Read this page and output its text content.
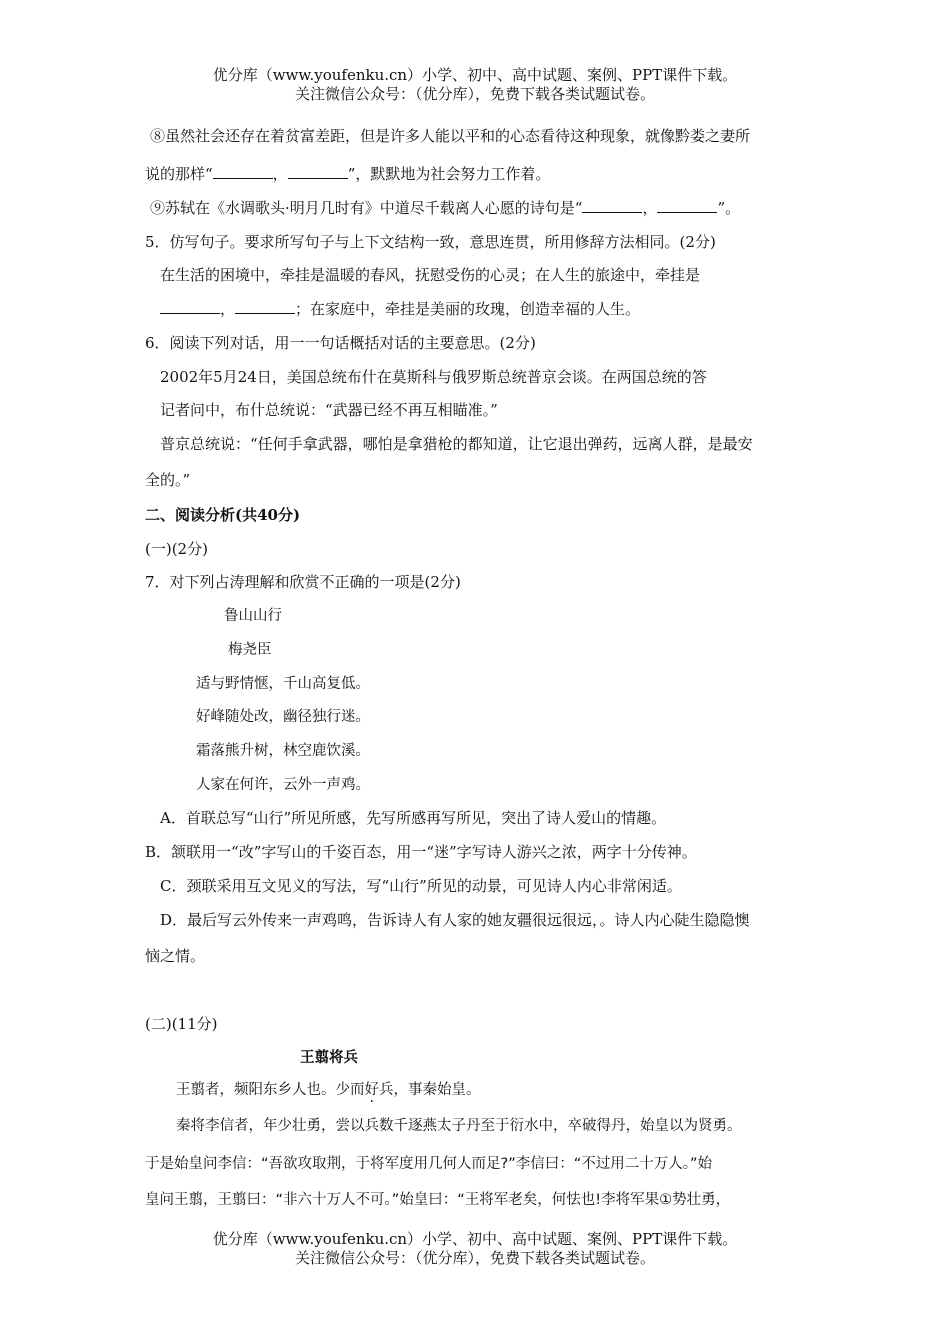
优分库（www.youfenku.cn）小学、初中、高中试题、案例、PPT课件下载。
关注微信公众号：（优分库），免费下载各类试题试卷。
⑧虽然社会还存在着贫富差距，但是许多人能以平和的心态看待这种现象，就像黔娄之妻所
说的那样“	，	”，默默地为社会努力工作着。
⑨苏轼在《水调歌头·明月几时有》中道尽千载离人心愿的诗句是“	，	”。
5．仿写句子。要求所写句子与上下文结构一致，意思连贯，所用修辞方法相同。(2分)
在生活的困境中，牵挂是温暖的春风，抚慰受伤的心灵；在人生的旅途中，牵挂是
，	；在家庭中，牵挂是美丽的玫瑰，创造幸福的人生。
6．阅读下列对话，用一一句话概括对话的主要意思。(2分)
2002年5月24日，美国总统布什在莫斯科与俄罗斯总统普京会谈。在两国总统的答
记者问中，布什总统说：“武器已经不再互相瞄准。”
普京总统说：“任何手拿武器，哪怕是拿猎枪的都知道，让它退出弹药，远离人群，是最安
全的。”
二、阅读分析(共40分)
(一)(2分)
7．对下列占涛理解和欣赏不正确的一项是(2分)
鲁山山行
梅尧臣
适与野情惬，千山高复低。
好峰随处改，幽径独行迷。
霜落熊升树，林空鹿饮溪。
人家在何许，云外一声鸡。
A．首联总写“山行”所见所感，先写所感再写所见，突出了诗人爱山的情趣。
B．颔联用一“改”字写山的千姿百态，用一“迷”字写诗人游兴之浓，两字十分传神。
C．颈联采用互文见义的写法，写“山行”所见的动景，可见诗人内心非常闲适。
D．最后写云外传来一声鸡鸣，告诉诗人有人家的她友疆很远很远，。诗人内心陡生隐隐懊
恼之情。
(二)(11分)
王翦将兵
王翦者，频阳东乡人也。少而好兵，事秦始皇。
秦将李信者，年少壮勇，尝以兵数千逐燕太子丹至于衍水中，卒破得丹，始皇以为贤勇。
于是始皇问李信：“吾欲攻取荆，于将军度用几何人而足?”李信曰：“不过用二十万人。”始
皇问王翦，王翦曰：“非六十万人不可。”始皇曰：“王将军老矣，何怯也!李将军果①势壮勇，
优分库（www.youfenku.cn）小学、初中、高中试题、案例、PPT课件下载。
关注微信公众号：（优分库），免费下载各类试题试卷。
